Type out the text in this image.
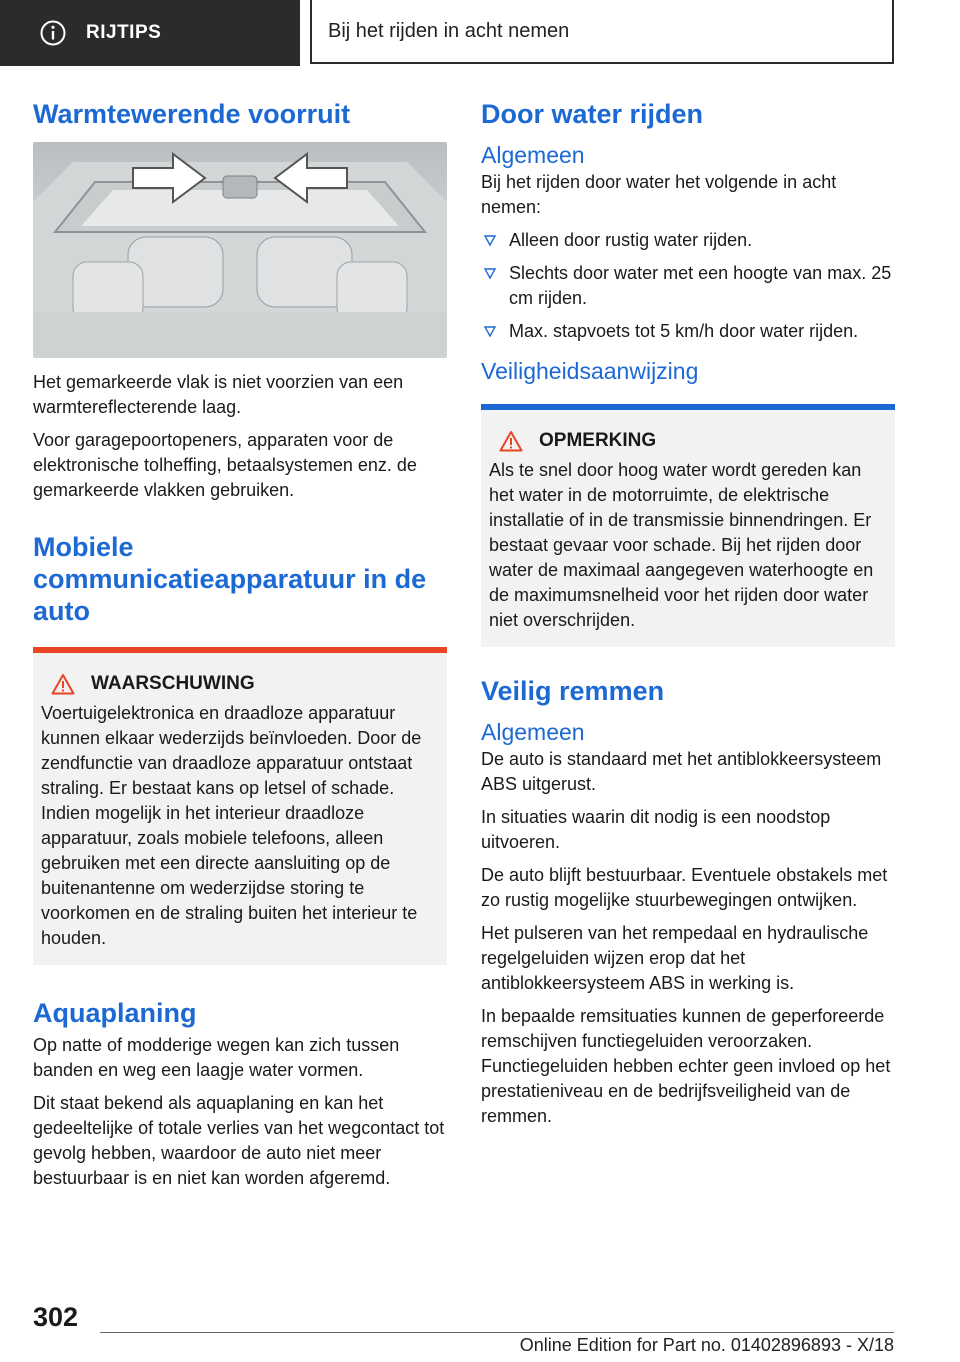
RIJTIPS	Bij het rijden in acht nemen
Warmtewerende voorruit

Het gemarkeerde vlak is niet voorzien van een warmtereflecterende laag.

Voor garagepoortopeners, apparaten voor de elektronische tolheffing, betaalsystemen enz. de gemarkeerde vlakken gebruiken.

Mobiele communicatieapparatuur in de auto
WAARSCHUWING

Voertuigelektronica en draadloze apparatuur kunnen elkaar wederzijds beïnvloeden. Door de zendfunctie van draadloze apparatuur ontstaat straling. Er bestaat kans op letsel of schade. Indien mogelijk in het interieur draadloze apparatuur, zoals mobiele telefoons, alleen gebruiken met een directe aansluiting op de buitenantenne om wederzijdse storing te voorkomen en de straling buiten het interieur te houden.

Aquaplaning

Op natte of modderige wegen kan zich tussen banden en weg een laagje water vormen.

Dit staat bekend als aquaplaning en kan het gedeeltelijke of totale verlies van het wegcontact tot gevolg hebben, waardoor de auto niet meer bestuurbaar is en niet kan worden afgeremd.

Door water rijden
Algemeen

Bij het rijden door water het volgende in acht nemen:

Alleen door rustig water rijden.
Slechts door water met een hoogte van max. 25 cm rijden.
Max. stapvoets tot 5 km/h door water rijden.
Veiligheidsaanwijzing
OPMERKING

Als te snel door hoog water wordt gereden kan het water in de motorruimte, de elektrische installatie of in de transmissie binnendringen. Er bestaat gevaar voor schade. Bij het rijden door water de maximaal aangegeven waterhoogte en de maximumsnelheid voor het rijden door water niet overschrijden.

Veilig remmen
Algemeen

De auto is standaard met het antiblokkeersysteem ABS uitgerust.

In situaties waarin dit nodig is een noodstop uitvoeren.

De auto blijft bestuurbaar. Eventuele obstakels met zo rustig mogelijke stuurbewegingen ontwijken.

Het pulseren van het rempedaal en hydraulische regelgeluiden wijzen erop dat het antiblokkeersysteem ABS in werking is.

In bepaalde remsituaties kunnen de geperforeerde remschijven functiegeluiden veroorzaken. Functiegeluiden hebben echter geen invloed op het prestatieniveau en de bedrijfsveiligheid van de remmen.

302
Online Edition for Part no. 01402896893 - X/18
